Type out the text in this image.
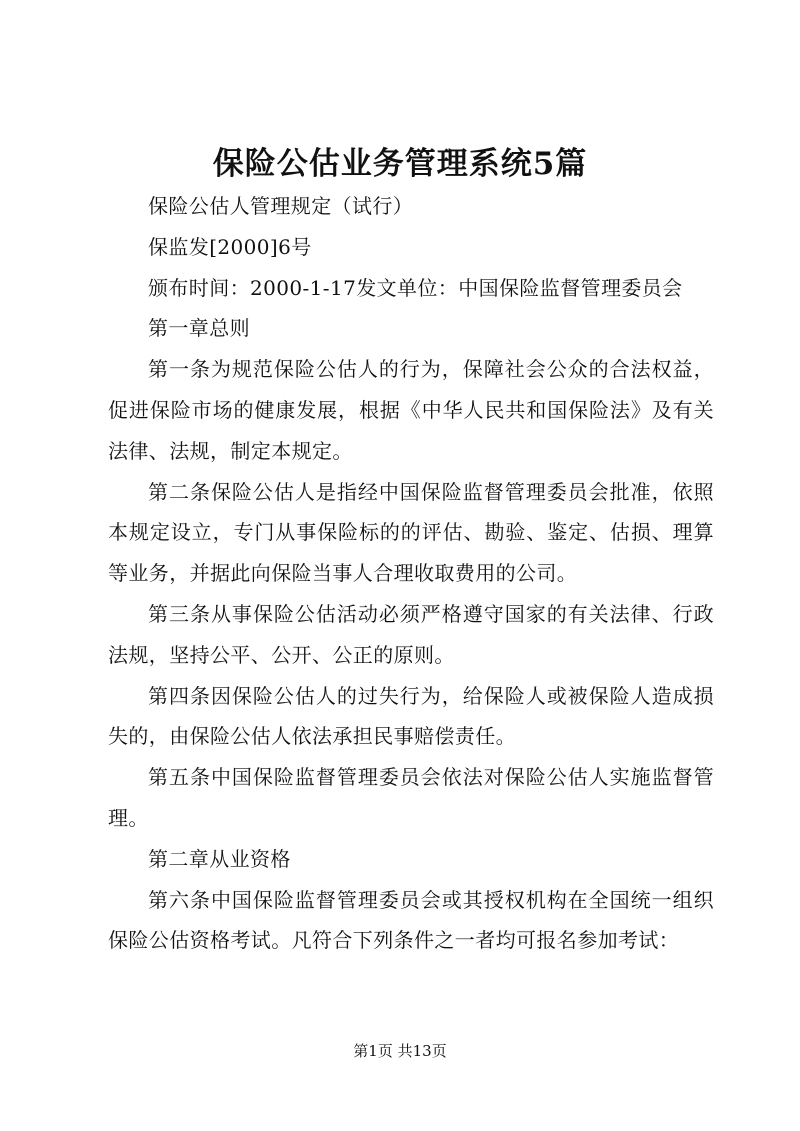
保险公估业务管理系统5篇

保险公估人管理规定（试行）

保监发[2000]6号

颁布时间：2000-1-17发文单位：中国保险监督管理委员会

第一章总则

第一条为规范保险公估人的行为，保障社会公众的合法权益，促进保险市场的健康发展，根据《中华人民共和国保险法》及有关法律、法规，制定本规定。

第二条保险公估人是指经中国保险监督管理委员会批准，依照本规定设立，专门从事保险标的的评估、勘验、鉴定、估损、理算等业务，并据此向保险当事人合理收取费用的公司。

第三条从事保险公估活动必须严格遵守国家的有关法律、行政法规，坚持公平、公开、公正的原则。

第四条因保险公估人的过失行为，给保险人或被保险人造成损失的，由保险公估人依法承担民事赔偿责任。

第五条中国保险监督管理委员会依法对保险公估人实施监督管理。

第二章从业资格

第六条中国保险监督管理委员会或其授权机构在全国统一组织保险公估资格考试。凡符合下列条件之一者均可报名参加考试：

第1页 共13页
